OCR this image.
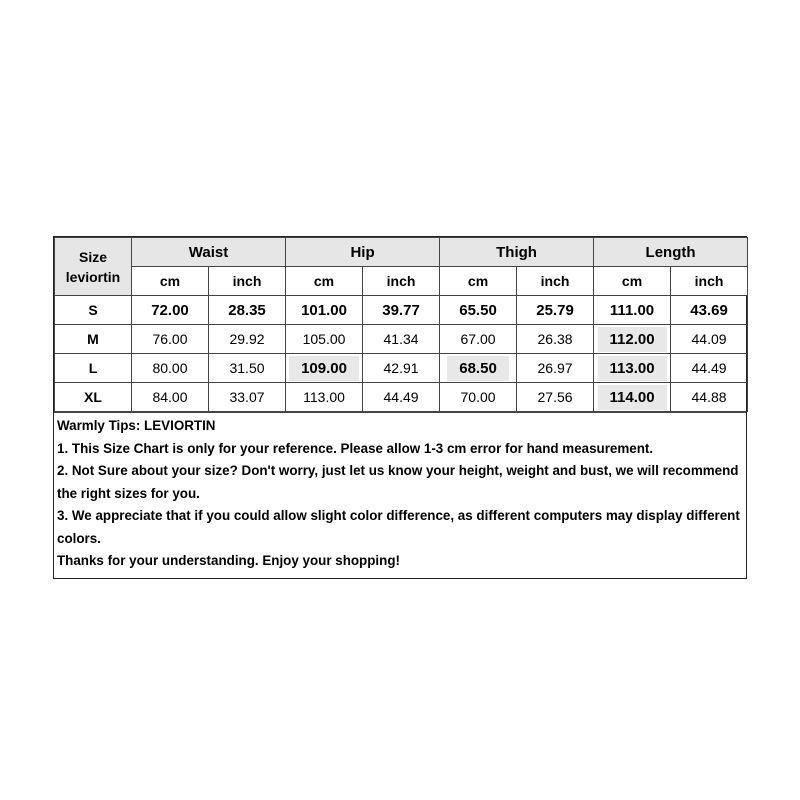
Size
leviortin	Waist		Hip		Thigh		Length	
	cm	inch	cm	inch	cm	inch	cm	inch
S	72.00	28.35	101.00	39.77	65.50	25.79	111.00	43.69
M	76.00	29.92	105.00	41.34	67.00	26.38	112.00	44.09
L	80.00	31.50	109.00	42.91	68.50	26.97	113.00	44.49
XL	84.00	33.07	113.00	44.49	70.00	27.56	114.00	44.88

Warmly Tips: LEVIORTIN

1. This Size Chart is only for your reference. Please allow 1-3 cm error for hand measurement.

2. Not Sure about your size? Don't worry, just let us know your height, weight and bust, we will recommend the right sizes for you.

3. We appreciate that if you could allow slight color difference, as different computers may display different colors.

Thanks for your understanding. Enjoy your shopping!
